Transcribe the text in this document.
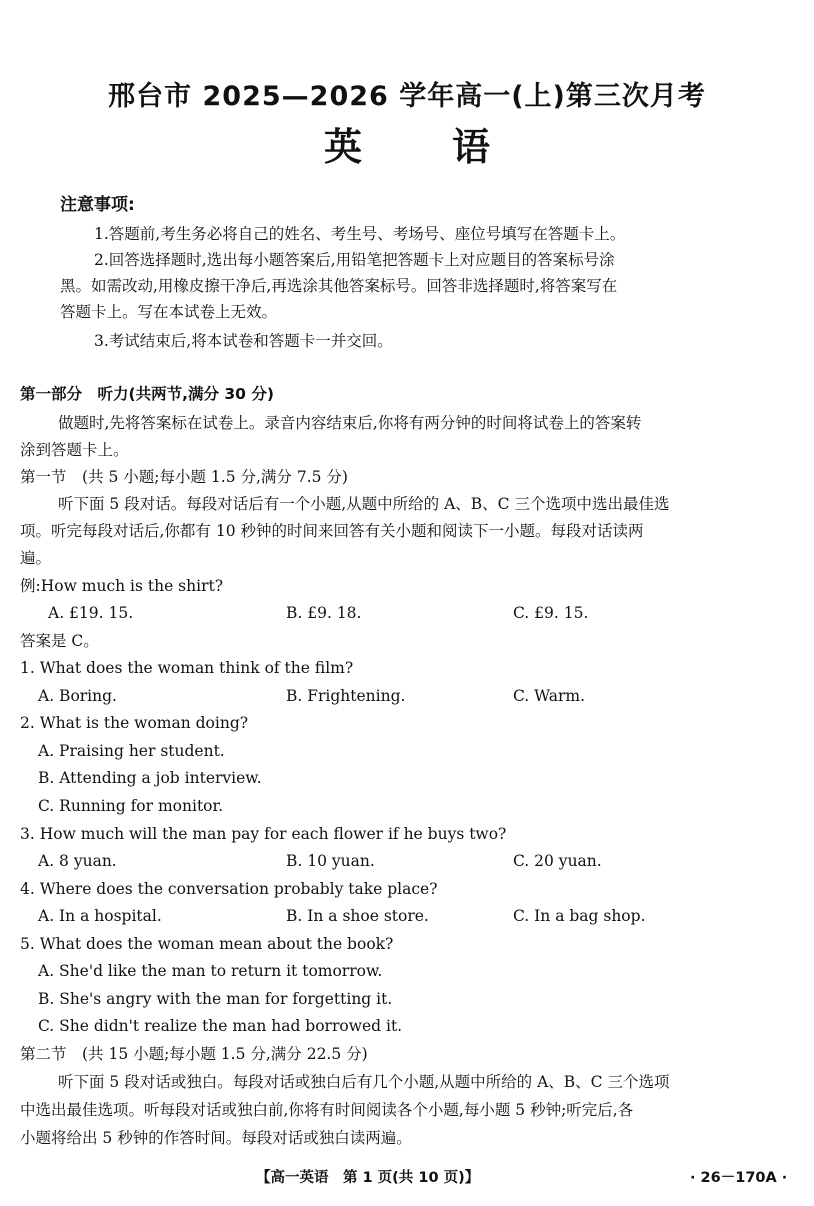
邢台市 2025—2026 学年高一(上)第三次月考
英语
注意事项:
1.答题前,考生务必将自己的姓名、考生号、考场号、座位号填写在答题卡上。
2.回答选择题时,选出每小题答案后,用铅笔把答题卡上对应题目的答案标号涂
黑。如需改动,用橡皮擦干净后,再选涂其他答案标号。回答非选择题时,将答案写在
答题卡上。写在本试卷上无效。
3.考试结束后,将本试卷和答题卡一并交回。
第一部分　听力(共两节,满分 30 分)
做题时,先将答案标在试卷上。录音内容结束后,你将有两分钟的时间将试卷上的答案转
涂到答题卡上。
第一节　(共 5 小题;每小题 1.5 分,满分 7.5 分)
听下面 5 段对话。每段对话后有一个小题,从题中所给的 A、B、C 三个选项中选出最佳选
项。听完每段对话后,你都有 10 秒钟的时间来回答有关小题和阅读下一小题。每段对话读两
遍。
例:How much is the shirt?
A. £19. 15.	B. £9. 18.	C. £9. 15.
答案是 C。
1. What does the woman think of the film?
A. Boring.	B. Frightening.	C. Warm.
2. What is the woman doing?
A. Praising her student.
B. Attending a job interview.
C. Running for monitor.
3. How much will the man pay for each flower if he buys two?
A. 8 yuan.	B. 10 yuan.	C. 20 yuan.
4. Where does the conversation probably take place?
A. In a hospital.	B. In a shoe store.	C. In a bag shop.
5. What does the woman mean about the book?
A. She'd like the man to return it tomorrow.
B. She's angry with the man for forgetting it.
C. She didn't realize the man had borrowed it.
第二节　(共 15 小题;每小题 1.5 分,满分 22.5 分)
听下面 5 段对话或独白。每段对话或独白后有几个小题,从题中所给的 A、B、C 三个选项
中选出最佳选项。听每段对话或独白前,你将有时间阅读各个小题,每小题 5 秒钟;听完后,各
小题将给出 5 秒钟的作答时间。每段对话或独白读两遍。
【高一英语　第 1 页(共 10 页)】	· 26－170A ·
